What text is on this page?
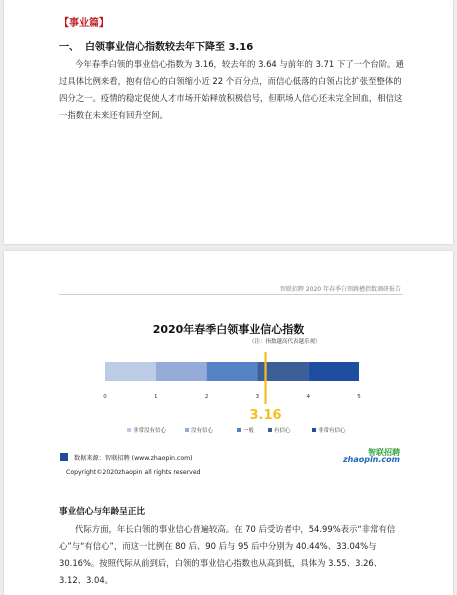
【事业篇】
一、 白领事业信心指数较去年下降至 3.16
今年春季白领的事业信心指数为 3.16，较去年的 3.64 与前年的 3.71 下了一个台阶。通过具体比例来看，抱有信心的白领缩小近 22 个百分点，而信心低落的白领占比扩张至整体的四分之一。疫情的稳定促使人才市场开始释放积极信号，但职场人信心还未完全回血，相信这一指数在未来还有回升空间。
智联招聘 2020 年春季白领跳槽指数调研报告
2020年春季白领事业信心指数
（注：指数越高代表越乐观）
0	1	2	3	4	5
3.16
非常没有信心	没有信心	一般	有信心	非常有信心
数据来源：智联招聘 (www.zhaopin.com)
Copyright©2020zhaopin all rights reserved
智联招聘
zhaopin.com
事业信心与年龄呈正比
代际方面，年长白领的事业信心普遍较高。在 70 后受访者中，54.99%表示“非常有信心”与“有信心”，而这一比例在 80 后、90 后与 95 后中分别为 40.44%、33.04%与 30.16%。按照代际从前到后，白领的事业信心指数也从高到低，具体为 3.55、3.26、3.12、3.04。
